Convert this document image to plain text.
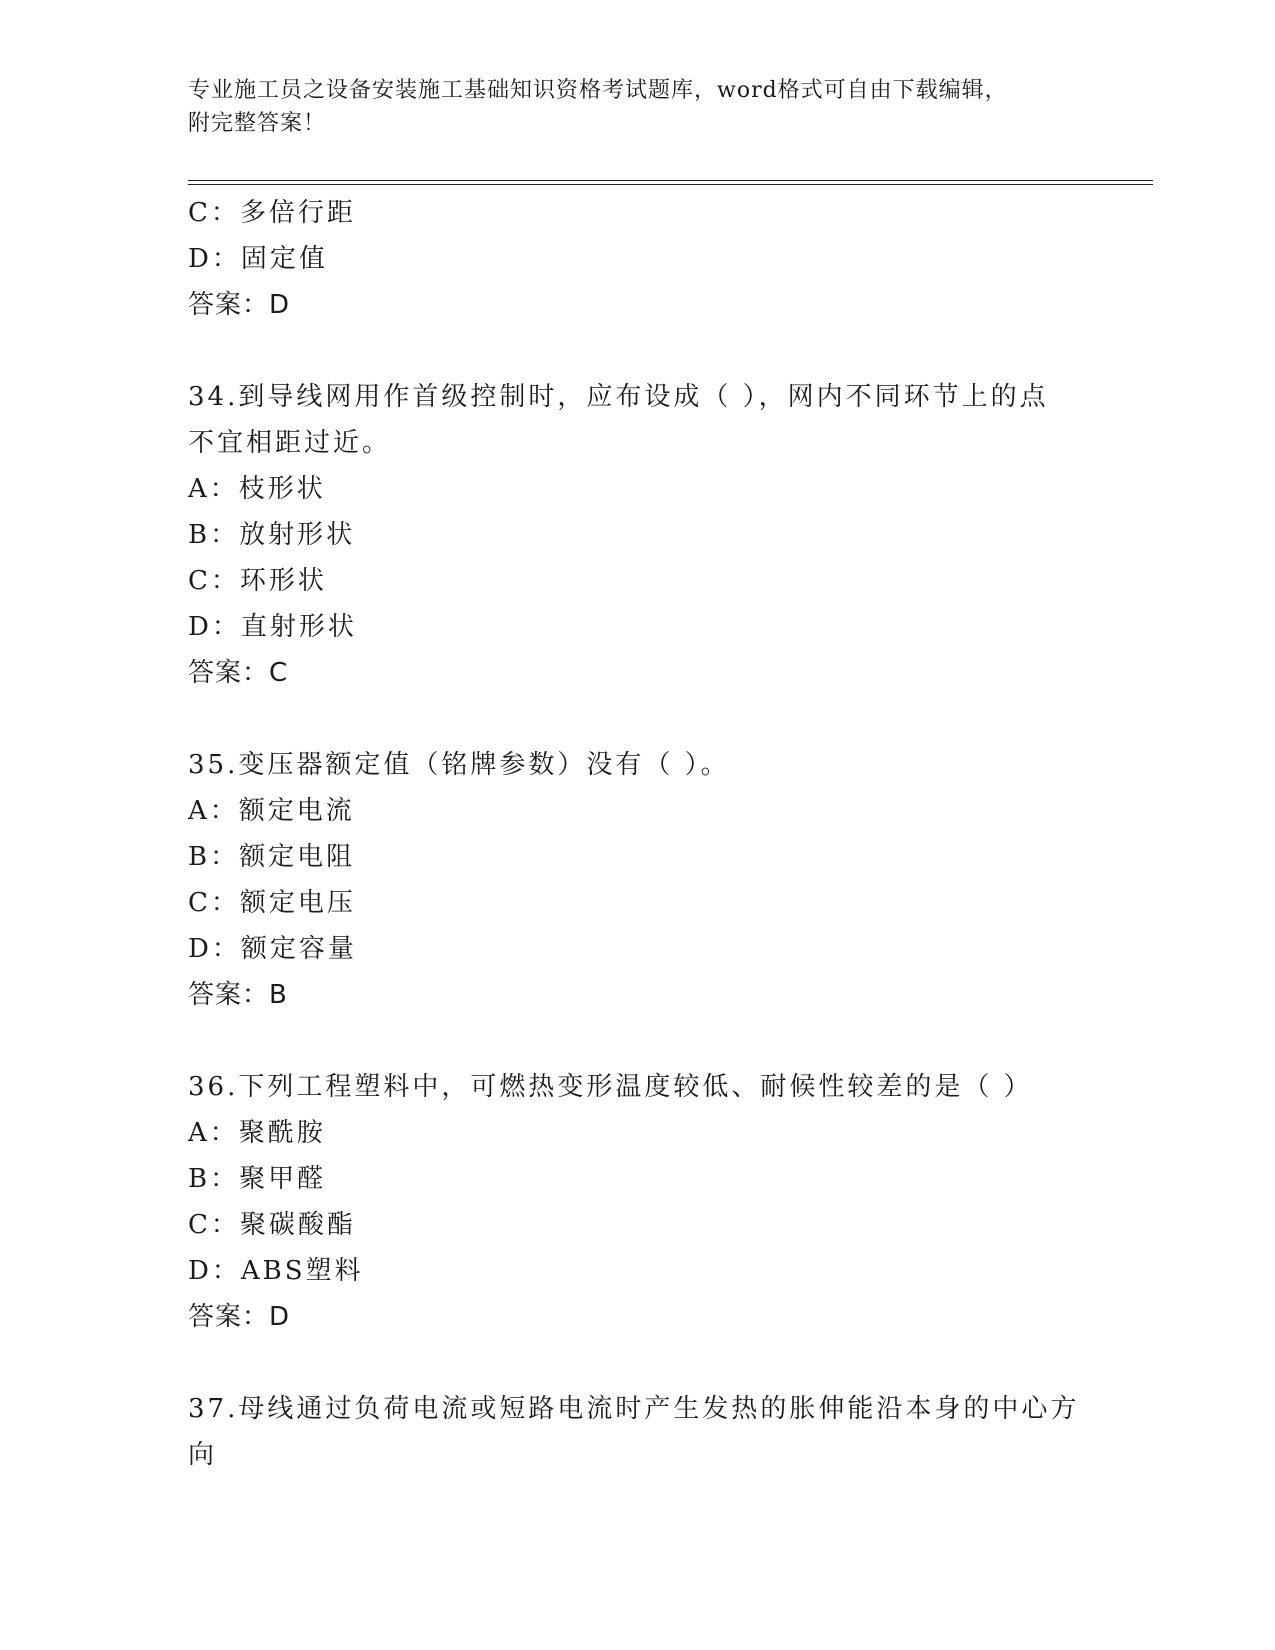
专业施工员之设备安装施工基础知识资格考试题库，word格式可自由下载编辑，
附完整答案！
C：多倍行距
D：固定值
答案：D
34.到导线网用作首级控制时，应布设成（ ），网内不同环节上的点
不宜相距过近。
A：枝形状
B：放射形状
C：环形状
D：直射形状
答案：C
35.变压器额定值（铭牌参数）没有（ ）。
A：额定电流
B：额定电阻
C：额定电压
D：额定容量
答案：B
36.下列工程塑料中，可燃热变形温度较低、耐候性较差的是（ ）
A：聚酰胺
B：聚甲醛
C：聚碳酸酯
D：ABS塑料
答案：D
37.母线通过负荷电流或短路电流时产生发热的胀伸能沿本身的中心方
向
